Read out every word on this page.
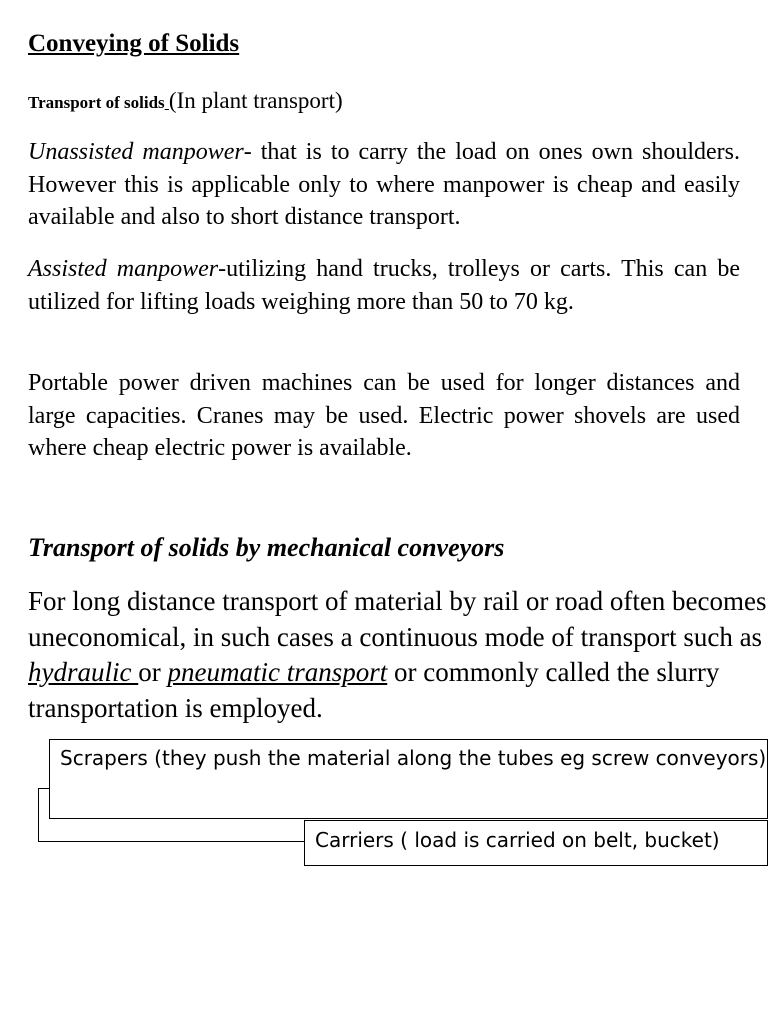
Conveying of Solids
Transport of solids (In plant transport)
Unassisted manpower- that is to carry the load on ones own shoulders. However this is applicable only to where manpower is cheap and easily available and also to short distance transport.
Assisted manpower-utilizing hand trucks, trolleys or carts. This can be utilized for lifting loads weighing more than 50 to 70 kg.
Portable power driven machines can be used for longer distances and large capacities. Cranes may be used. Electric power shovels are used where cheap electric power is available.
Transport of solids by mechanical conveyors
For long distance transport of material by rail or road often becomes uneconomical, in such cases a continuous mode of transport such as hydraulic or pneumatic transport or commonly called the slurry transportation is employed.
Scrapers (they push the material along the tubes eg screw conveyors)
Carriers ( load is carried on belt, bucket)
